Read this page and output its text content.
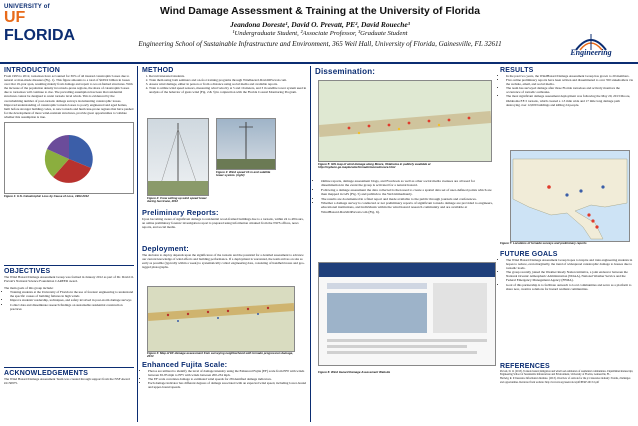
UNIVERSITY of
UF FLORIDA
Wind Damage Assessment & Training at the University of Florida
Jeandona Doreste¹, David O. Prevatt, PE², David Roueche³
¹Undergraduate Student, ²Associate Professor, ³Graduate Student
Engineering School of Sustainable Infrastructure and Environment, 365 Weil Hall, University of Florida, Gainesville, FL 32611
Engineering
INTRODUCTION

From 1993 to 2012, tornadoes have accounted for 36% of all insured catastrophic losses due to natural or man-made disasters (Fig. 1). This figure amounts to a total of $169.9 billion in losses over that 19-year span, resulting mainly from damage and repair to wood-framed structures. With the increase of the population density in tornado-prone regions, the share of catastrophic losses due to tornadoes will continue to rise. The prevailing assumption has been that residential structures cannot be designed to resist tornado level winds. This is evidenced by the overwhelming number of post-tornado damage surveys documenting catastrophic losses. Improved understanding of catastrophic tornado losses to poorly engineered and aged homes, built before stronger building codes, to new tornado and hurricane-prone regions that have pushed for the development of more wind-resistant structures, provide great opportunities to validate whether this assumption is true.

Figure 1: U.S. Catastrophic Loss by Cause of Loss, 1993-2012

OBJECTIVES

The Wind Hazard Damage Assessment Group was formed in January 2012 as part of Dr. David O. Prevatt's National Science Foundation CAREER award.

The main goals of this group include:

• Training students at the University of Florida in the use of forensic engineering to understand the specific causes of building failures in high winds
• Improve students' readership, techniques, and safety involved in post-storm damage surveys
• Collect data and disseminate research findings on sustainable residential construction practices
ACKNOWLEDGEMENTS

The Wind Hazard Damage Assessment Team was created through support from the NSF Award #1150975.

METHOD
1. Recruit interested students.
2. Train them using both seminars and on-foot training programs through Windhazard.DavidOPrevatt.com.
3. Assess wind damage, either in person or from a distance using social media and available reports.
4. Train to utilize wind speed sensors, measuring wind velocity at 5 and 10-meters, and 3 m satellite tower system used in analysis of the behavior of gusts wind (Fig. 2 & 3) in conjunction with the Florida Coastal Monitoring Program.

Figure 2: Crew setting up wind speed tower during hurricane, 2012

Figure 3: Wind speed 10-m and satellite tower system. (right)

Preliminary Reports:

Upon becoming aware of significant damage to residential wood-framed buildings due to a tornado, within 24 to 48 hours, an online preliminary forensic investigation report is prepared using information obtained from the NWS offices, news reports, and social media.

Deployment:

The decision to deploy depends upon the significance of the tornado and the potential for a detailed assessment to advance our current knowledge of wind effects and building performance. If a deployment is warranted, the team arrives on site as early as possible (typically within a week) to systematically collect engineering data, consisting of handheld notes and geo-tagged photographs.

Figure 4: Map of EF damage assessment from surveying neighborhood with tornado progression damage, 2013

Enhanced Fujita Scale:
• Photos are utilized to identify the level of damage intensity using the Enhanced Fujita (EF) scale from EF0 with winds between 65-85 mph to EF5 with winds between 200-234 mph.
• The EF scale correlates damage to estimated wind speeds for 28 identified damage indicators.
• Each damage indicator has different degrees of damage associated with an expected wind speed, including lower-bound and upper-bound speeds.
Dissemination:

Figure 5: GIS map of wind damage along Moore, Oklahoma in publicly available at http://mydeco.ge.maplocator/tornado/moore/moore.html

• Online reports, damage assessment blogs, and Facebook as well as other social media avenues are all used for dissemination in the event the group is activated for a natural hazard.
• Following a damage assessment the data collected is then used to create a spatial data set of user-defined points which are then mapped in GIS (Fig. 5) and publish to the Web immediately.
• The results are documented in a final report and made available to the public through journals and conferences.
• Whether a damage survey is conducted or not preliminary reports of significant tornado damage are provided to engineers, educational institutions, and individuals within the wind hazard research community and are available at WindHazard.DavidOPrevatt.com (Fig. 6).

Figure 6: Wind Hazard Damage Assessment Website

RESULTS
• In the past two years, the WindHazard Damage Assessment Group has grown to 20 members.
• Five online preliminary reports have been written and disseminated to over 350 stakeholders via the website, email, and social media.
• The team has surveyed damage after three Florida tornadoes and actively monitors the occurrence of tornadic outbreaks.
• The most significant damage assessment deployment was following the May 20, 2013 Moore, Oklahoma EF-5 tornado, which created a 1.3 mile wide and 17 mile long damage path destroying over 12,000 buildings and killing 24 people.

Figure 7: Locations of tornado surveys and preliminary reports

FUTURE GOALS
• The Wind Hazard Damage Assessment Group hopes to inspire and train engineering students in hopes to reduce, even marginally, the trend of widespread catastrophic damage to houses due to tornadic loads.
• The group recently joined the Weather Ready Nation initiative, a joint endeavor between the National Oceanic Atmospheric Administration (NOAA), National Weather Service and the Federal Emergency Management Agency (FEMA).
• Goal of this partnership is to facilitate outreach to local communities and serve as a platform to share new, creative solutions for hazard resilient communities.
REFERENCES

Prevatt, D. O. (2013). Tornado hazard mitigation and wind load estimation of residential communities. Unpublished manuscript, Engineering School of Sustainable Infrastructure and Environment, University of Florida, Gainesville, FL.

Hartwig, R. P. Insurance Information Institute. (2013). Overview of outlook for the p/c insurance industry: Trends, challenges and opportunities. Retrieved from website: http://www.iii.org/assets/docs/pdf/PFAF-2013-5.pdf
